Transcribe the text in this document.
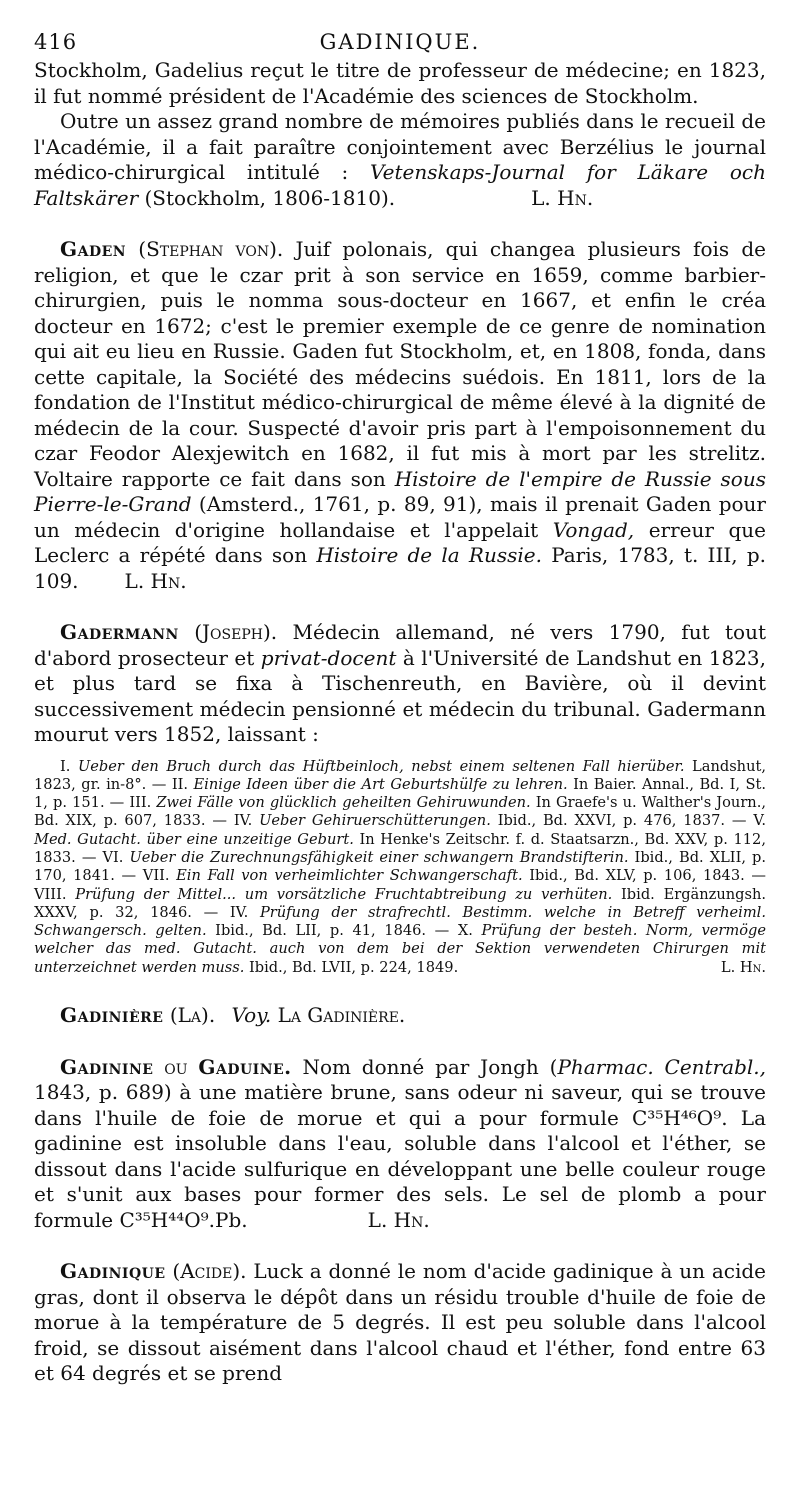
416	GADINIQUE.

Stockholm, Gadelius reçut le titre de professeur de médecine; en 1823, il fut nommé président de l'Académie des sciences de Stockholm.

Outre un assez grand nombre de mémoires publiés dans le recueil de l'Académie, il a fait paraître conjointement avec Berzélius le journal médico-chirurgical intitulé : Vetenskaps-Journal for Läkare och Faltskärer (Stockholm, 1806-1810).	L. Hn.

Gaden (Stephan von). Juif polonais, qui changea plusieurs fois de religion, et que le czar prit à son service en 1659, comme barbier-chirurgien, puis le nomma sous-docteur en 1667, et enfin le créa docteur en 1672; c'est le premier exemple de ce genre de nomination qui ait eu lieu en Russie. Gaden fut Stockholm, et, en 1808, fonda, dans cette capitale, la Société des médecins suédois. En 1811, lors de la fondation de l'Institut médico-chirurgical de même élevé à la dignité de médecin de la cour. Suspecté d'avoir pris part à l'empoisonnement du czar Feodor Alexjewitch en 1682, il fut mis à mort par les strelitz. Voltaire rapporte ce fait dans son Histoire de l'empire de Russie sous Pierre-le-Grand (Amsterd., 1761, p. 89, 91), mais il prenait Gaden pour un médecin d'origine hollandaise et l'appelait Vongad, erreur que Leclerc a répété dans son Histoire de la Russie. Paris, 1783, t. III, p. 109. L. Hn.

Gadermann (Joseph). Médecin allemand, né vers 1790, fut tout d'abord prosecteur et privat-docent à l'Université de Landshut en 1823, et plus tard se fixa à Tischenreuth, en Bavière, où il devint successivement médecin pensionné et médecin du tribunal. Gadermann mourut vers 1852, laissant :

I. Ueber den Bruch durch das Hüftbeinloch, nebst einem seltenen Fall hierüber. Landshut, 1823, gr. in-8°. — II. Einige Ideen über die Art Geburtshülfe zu lehren. In Baier. Annal., Bd. I, St. 1, p. 151. — III. Zwei Fälle von glücklich geheilten Gehiruwunden. In Graefe's u. Walther's Journ., Bd. XIX, p. 607, 1833. — IV. Ueber Gehiruerschütterungen. Ibid., Bd. XXVI, p. 476, 1837. — V. Med. Gutacht. über eine unzeitige Geburt. In Henke's Zeitschr. f. d. Staatsarzn., Bd. XXV, p. 112, 1833. — VI. Ueber die Zurechnungsfähigkeit einer schwangern Brandstifterin. Ibid., Bd. XLII, p. 170, 1841. — VII. Ein Fall von verheimlichter Schwangerschaft. Ibid., Bd. XLV, p. 106, 1843. — VIII. Prüfung der Mittel... um vorsätzliche Fruchtabtreibung zu verhüten. Ibid. Ergänzungsh. XXXV, p. 32, 1846. — IV. Prüfung der strafrechtl. Bestimm. welche in Betreff verheiml. Schwangersch. gelten. Ibid., Bd. LII, p. 41, 1846. — X. Prüfung der besteh. Norm, vermöge welcher das med. Gutacht. auch von dem bei der Sektion verwendeten Chirurgen mit unterzeichnet werden muss. Ibid., Bd. LVII, p. 224, 1849.	L. Hn.

Gadinière (La). Voy. La Gadinière.

Gadinine ou Gaduine. Nom donné par Jongh (Pharmac. Centrabl., 1843, p. 689) à une matière brune, sans odeur ni saveur, qui se trouve dans l'huile de foie de morue et qui a pour formule C³⁵H⁴⁶O⁹. La gadinine est insoluble dans l'eau, soluble dans l'alcool et l'éther, se dissout dans l'acide sulfurique en développant une belle couleur rouge et s'unit aux bases pour former des sels. Le sel de plomb a pour formule C³⁵H⁴⁴O⁹.Pb.	L. Hn.

Gadinique (Acide). Luck a donné le nom d'acide gadinique à un acide gras, dont il observa le dépôt dans un résidu trouble d'huile de foie de morue à la température de 5 degrés. Il est peu soluble dans l'alcool froid, se dissout aisément dans l'alcool chaud et l'éther, fond entre 63 et 64 degrés et se prend
